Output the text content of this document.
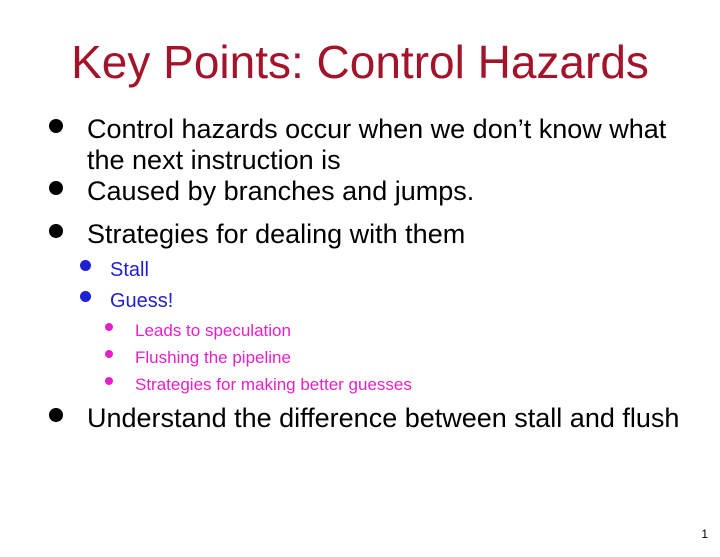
Key Points: Control Hazards
Control hazards occur when we don’t know what the next instruction is
Caused by branches and jumps.
Strategies for dealing with them
Stall
Guess!
Leads to speculation
Flushing the pipeline
Strategies for making better guesses
Understand the difference between stall and flush
1
